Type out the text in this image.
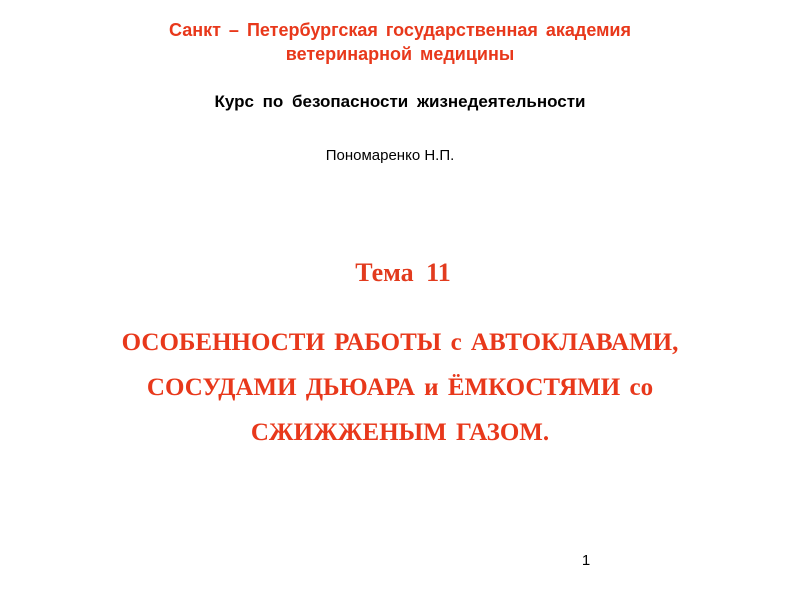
Санкт – Петербургская государственная академия
ветеринарной медицины
Курс по безопасности жизнедеятельности
Пономаренко Н.П.
Тема 11
ОСОБЕННОСТИ РАБОТЫ с АВТОКЛАВАМИ,
СОСУДАМИ ДЬЮАРА и ЁМКОСТЯМИ со
СЖИЖЖЕНЫМ ГАЗОМ.
1
